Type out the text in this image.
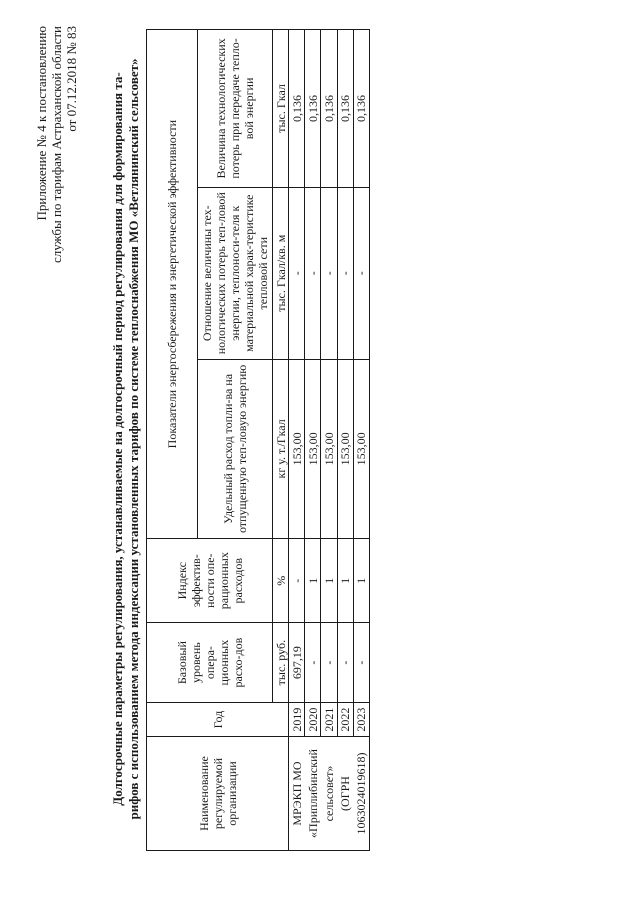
Приложение № 4 к постановлению службы по тарифам Астраханской области от 07.12.2018 № 83 Долгосрочные параметры регулирования, устанавливаемые на долгосрочный период регулирования для формирования та- рифов с использованием метода индексации установленных тарифов по системе теплоснабжения МО «Ветлянинский сельсовет»	Наименование регулируемой организации	Год	Базовый уровень опера-ционных расхо-дов	Индекс эффектив-ности опе-рационных расходов	Показатели энергосбережения и энергетической эффективности		
				Удельный расход топли-ва на отпущенную теп-ловую энергию	Отношение величины тех-нологических потерь теп-ловой энергии, теплоноси-теля к материальной харак-теристике тепловой сети	Величина технологических потерь при передаче тепло-вой энергии
		тыс. руб.	%	кг у. т./Гкал	тыс. Гкал/кв. м	тыс. Гкал

МРЭКП МО «Приплибинский сельсовет» (ОГРН 1063024019618)	2019	697,19	-	153,00	-	0,136
	2020	-	1	153,00	-	0,136
	2021	-	1	153,00	-	0,136
	2022	-	1	153,00	-	0,136
	2023	-	1	153,00	-	0,136
